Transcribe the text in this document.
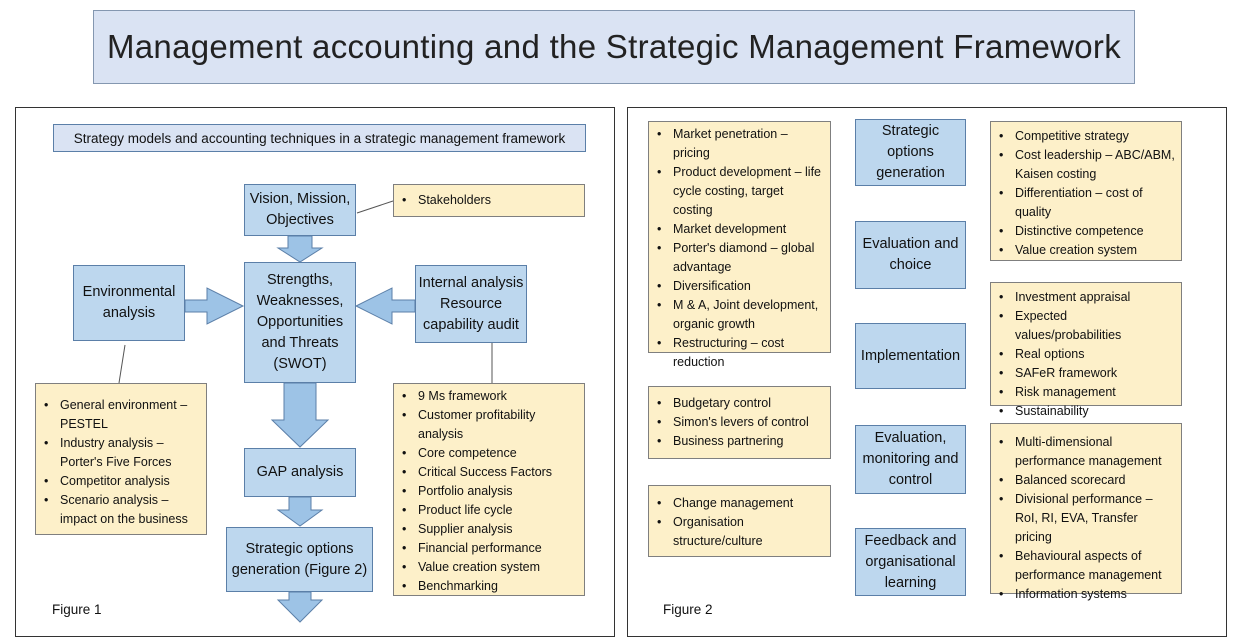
Management accounting and the Strategic Management Framework
Strategy models and accounting techniques in a strategic management framework
Vision, Mission,
Objectives
• Stakeholders
Environmental
analysis
Strengths,
Weaknesses,
Opportunities
and Threats
(SWOT)
Internal analysis
Resource
capability audit
• General environment – PESTEL
• Industry analysis – Porter's Five Forces
• Competitor analysis
• Scenario analysis – impact on the business
• 9 Ms framework
• Customer profitability analysis
• Core competence
• Critical Success Factors
• Portfolio analysis
• Product life cycle
• Supplier analysis
• Financial performance
• Value creation system
• Benchmarking
GAP analysis
Strategic options
generation (Figure 2)
Figure 1
• Market penetration – pricing
• Product development – life cycle costing, target costing
• Market development
• Porter's diamond – global advantage
• Diversification
• M & A, Joint development, organic growth
• Restructuring – cost reduction
Strategic
options
generation
• Competitive strategy
• Cost leadership – ABC/ABM, Kaisen costing
• Differentiation – cost of quality
• Distinctive competence
• Value creation system
Evaluation and
choice
• Investment appraisal
• Expected values/probabilities
• Real options
• SAFeR framework
• Risk management
• Sustainability
Implementation
• Budgetary control
• Simon's levers of control
• Business partnering	Evaluation,
monitoring and
control
• Multi-dimensional performance management
• Balanced scorecard
• Divisional performance – RoI, RI, EVA, Transfer pricing
• Behavioural aspects of performance management
• Information systems
• Change management
• Organisation structure/culture	Feedback and
organisational
learning
Figure 2
